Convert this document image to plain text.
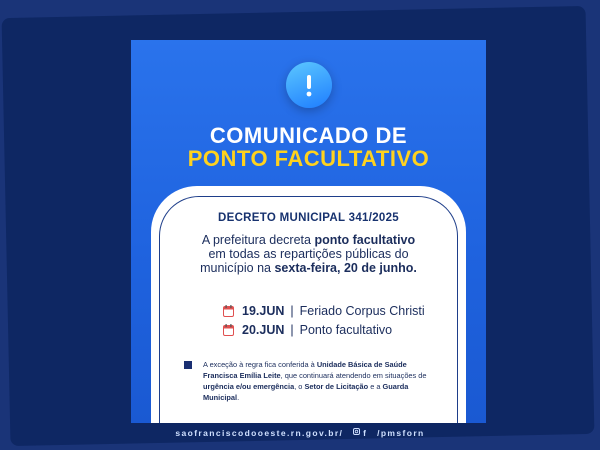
COMUNICADO DE
PONTO FACULTATIVO
DECRETO MUNICIPAL 341/2025
A prefeitura decreta ponto facultativo
em todas as repartições públicas do
município na sexta-feira, 20 de junho.
19.JUN | Feriado Corpus Christi
20.JUN | Ponto facultativo
A exceção à regra fica conferida à Unidade Básica de Saúde Francisca Emília Leite, que continuará atendendo em situações de urgência e/ou emergência, o Setor de Licitação e a Guarda Municipal.
saofranciscodooeste.rn.gov.br/ f /pmsforn
